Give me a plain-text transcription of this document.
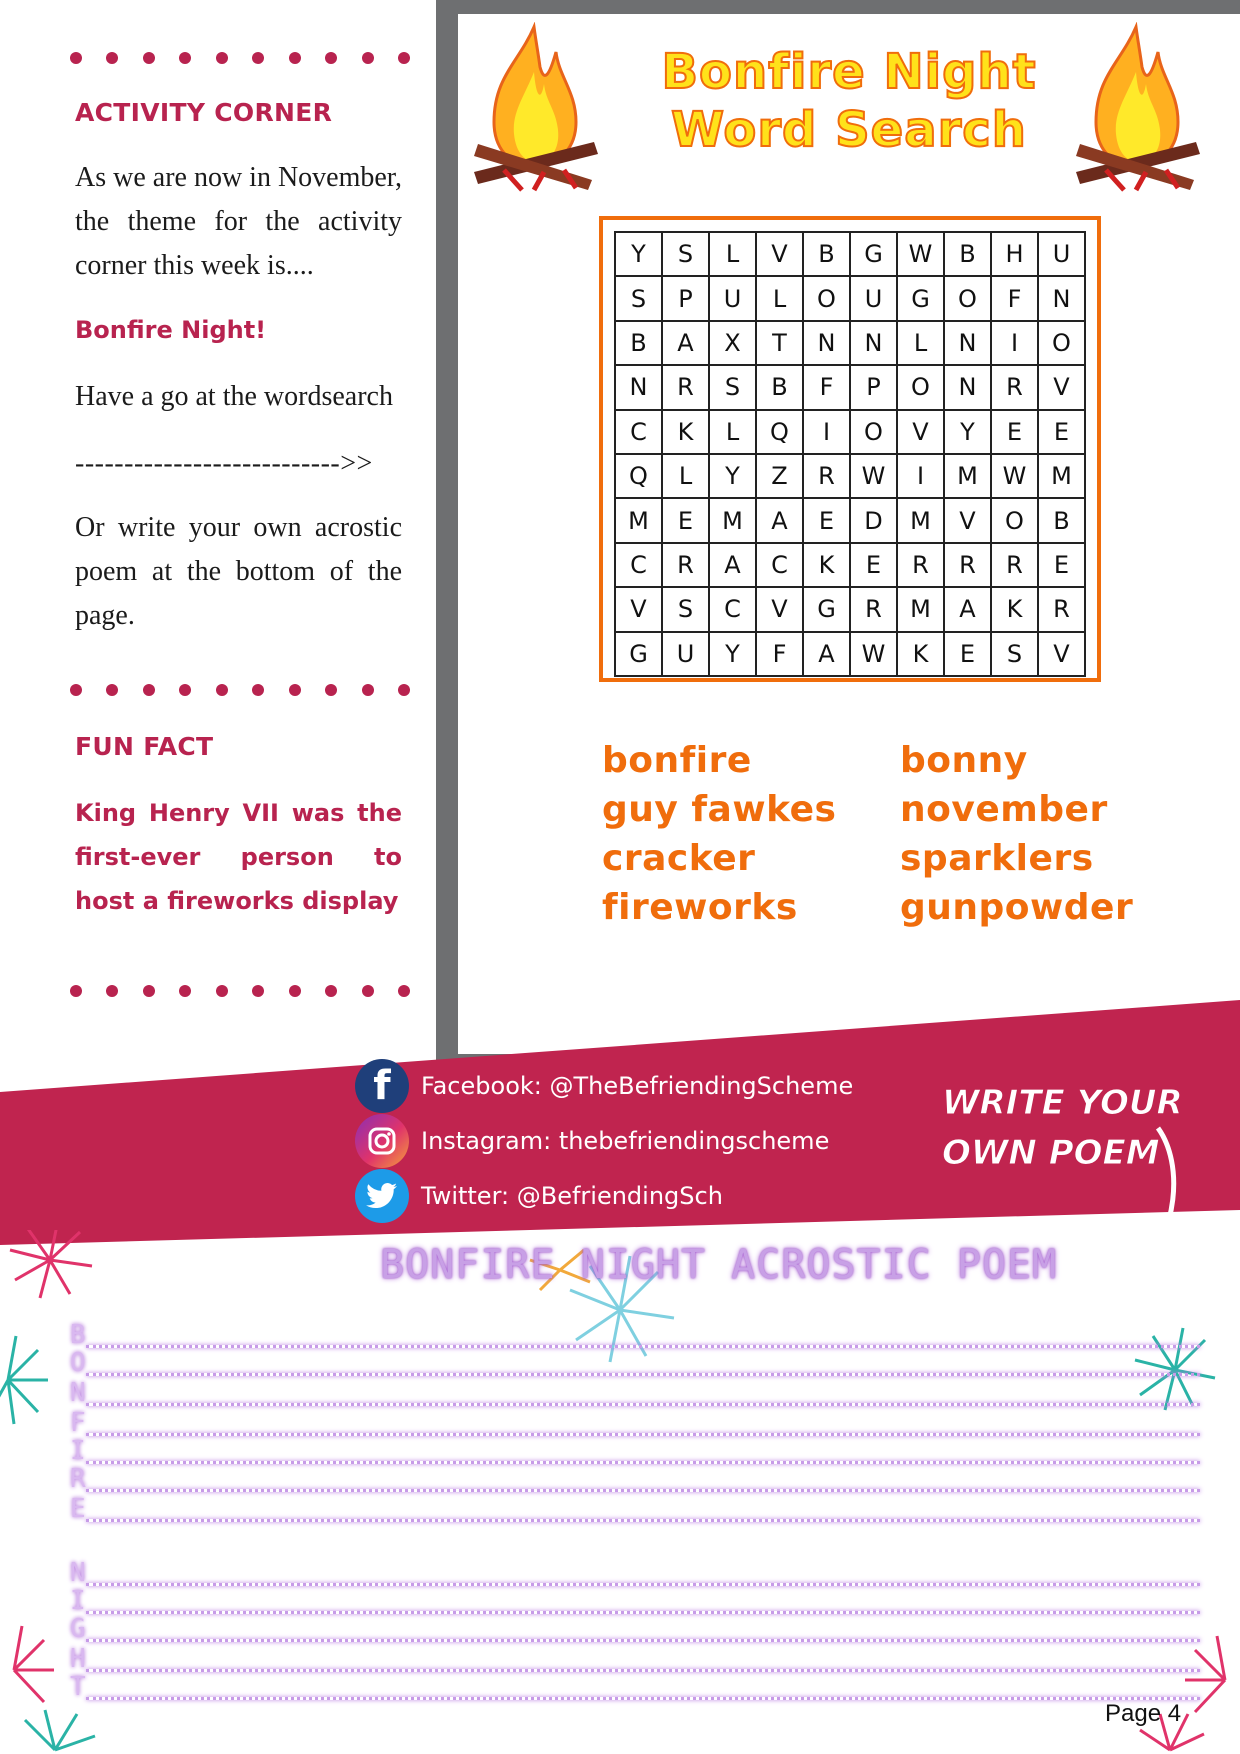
ACTIVITY CORNER
As we are now in November, the theme for the activity corner this week is....
Bonfire Night!
Have a go at the wordsearch
--------------------------->>
Or write your own acrostic poem at the bottom of the page.
FUN FACT
King Henry VII was the first-ever person to host a fireworks display
Bonfire Night
Word Search
Y	S	L	V	B	G	W	B	H	U
S	P	U	L	O	U	G	O	F	N
B	A	X	T	N	N	L	N	I	O
N	R	S	B	F	P	O	N	R	V
C	K	L	Q	I	O	V	Y	E	E
Q	L	Y	Z	R	W	I	M	W	M
M	E	M	A	E	D	M	V	O	B
C	R	A	C	K	E	R	R	R	E
V	S	C	V	G	R	M	A	K	R
G	U	Y	F	A	W	K	E	S	V
bonfire
guy fawkes
cracker
fireworks
bonny
november
sparklers
gunpowder
f	Facebook: @TheBefriendingScheme
Instagram: thebefriendingscheme
Twitter: @BefriendingSch
WRITE YOUR
OWN POEM
BONFIRE NIGHT ACROSTIC POEM
B
O
N
F
I
R
E
N
I
G
H
T
Page 4
